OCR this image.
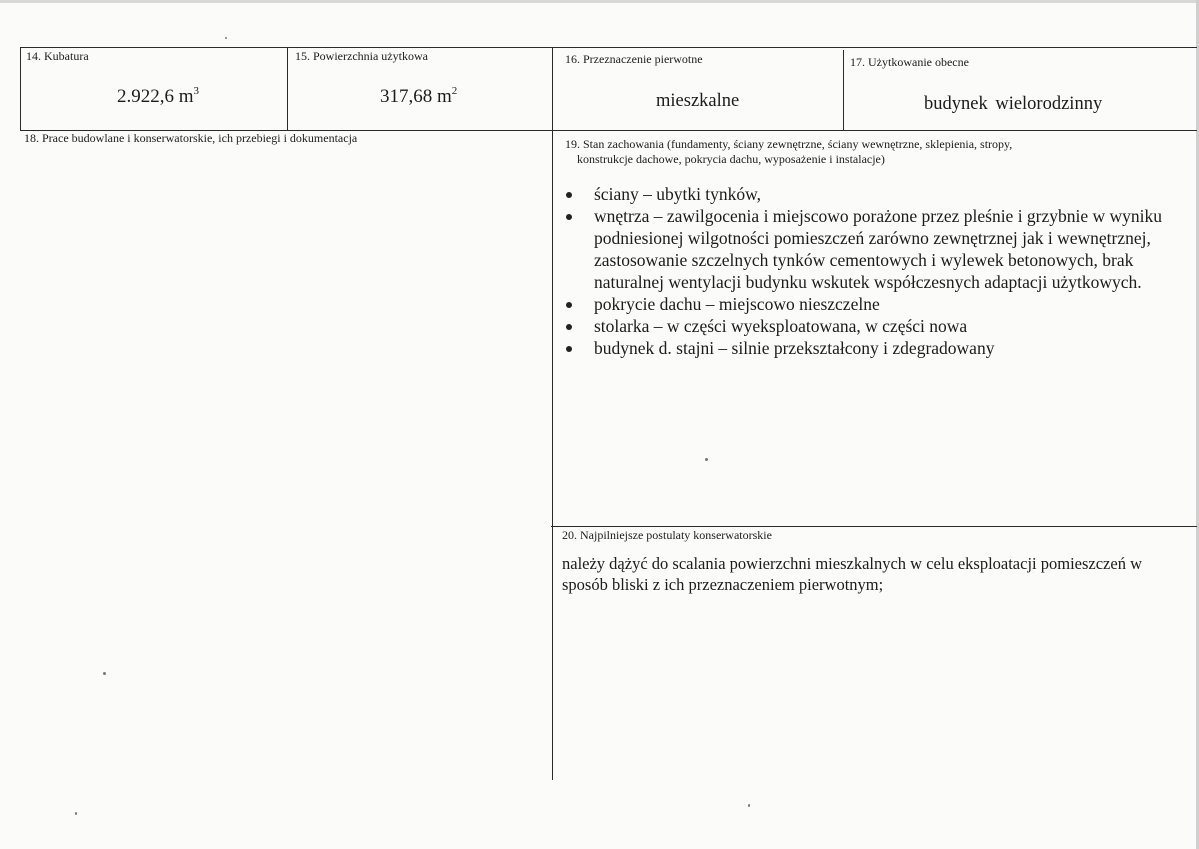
14. Kubatura
2.922,6 $m^3$
15. Powierzchnia użytkowa
317,68 $m^2$
16. Przeznaczenie pierwotne
mieszkalne
17. Użytkowanie obecne
budynek wielorodzinny
18. Prace budowlane i konserwatorskie, ich przebiegi i dokumentacja	19. Stan zachowania (fundamenty, ściany zewnętrzne, ściany wewnętrzne, sklepienia, stropy,
konstrukcje dachowe, pokrycia dachu, wyposażenie i instalacje)
ściany – ubytki tynków,
wnętrza – zawilgocenia i miejscowo porażone przez pleśnie i grzybnie w wyniku podniesionej wilgotności pomieszczeń zarówno zewnętrznej jak i wewnętrznej, zastosowanie szczelnych tynków cementowych i wylewek betonowych, brak naturalnej wentylacji budynku wskutek współczesnych adaptacji użytkowych.
pokrycie dachu – miejscowo nieszczelne
stolarka – w części wyeksploatowana, w części nowa
budynek d. stajni – silnie przekształcony i zdegradowany
20. Najpilniejsze postulaty konserwatorskie
należy dążyć do scalania powierzchni mieszkalnych w celu eksploatacji pomieszczeń w sposób bliski z ich przeznaczeniem pierwotnym;
